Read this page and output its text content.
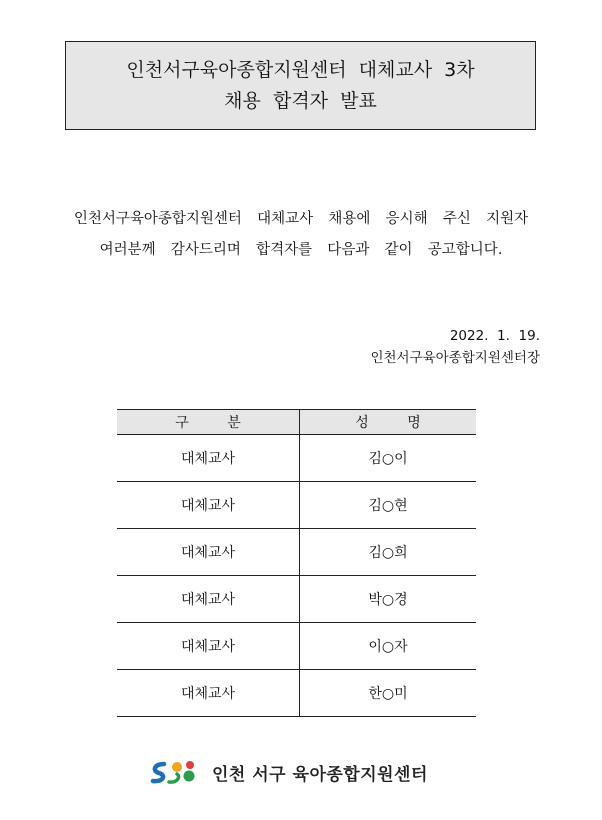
인천서구육아종합지원센터  대체교사  3차
채용  합격자  발표
인천서구육아종합지원센터  대체교사  채용에  응시해  주신  지원자
여러분께  감사드리며  합격자를  다음과  같이  공고합니다.
2022.  1.  19.
인천서구육아종합지원센터장
구 분	성 명
대체교사	김○이
대체교사	김○현
대체교사	김○희
대체교사	박○경
대체교사	이○자
대체교사	한○미
인천 서구 육아종합지원센터
